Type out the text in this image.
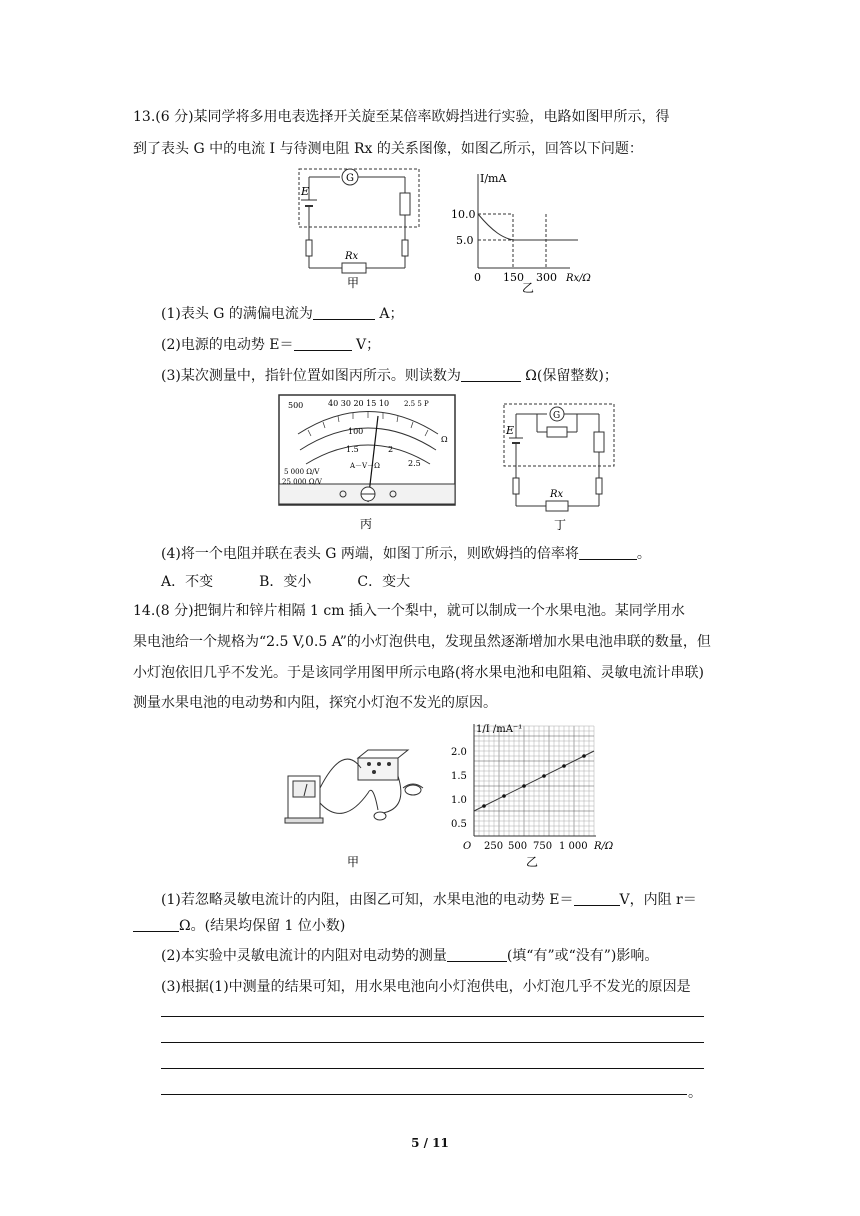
13.(6 分)某同学将多用电表选择开关旋至某倍率欧姆挡进行实验，电路如图甲所示，得
到了表头 G 中的电流 I 与待测电阻 Rx 的关系图像，如图乙所示，回答以下问题：
E
G
Rx
甲
I/mA
10.0
5.0
0 150 300 Rx/Ω
乙
(1)表头 G 的满偏电流为	A；
(2)电源的电动势 E＝	V；
(3)某次测量中，指针位置如图丙所示。则读数为	Ω(保留整数)；
500	40 30 20 15 10 2.5 5 P
Ω
100
1.5	2
2.5
A－V－Ω
5 000 Ω/V
25 000 Ω/V
丙
E
G
Rx
丁
(4)将一个电阻并联在表头 G 两端，如图丁所示，则欧姆挡的倍率将	。
A．不变	B．变小	C．变大
14.(8 分)把铜片和锌片相隔 1 cm 插入一个梨中，就可以制成一个水果电池。某同学用水
果电池给一个规格为“2.5 V,0.5 A”的小灯泡供电，发现虽然逐渐增加水果电池串联的数量，但
小灯泡依旧几乎不发光。于是该同学用图甲所示电路(将水果电池和电阻箱、灵敏电流计串联)
测量水果电池的电动势和内阻，探究小灯泡不发光的原因。
甲
1/I /mA⁻¹
2.0
1.5
1.0
0.5
O 250 500 750 1 000 R/Ω
乙
(1)若忽略灵敏电流计的内阻，由图乙可知，水果电池的电动势 E＝	V，内阻 r＝
Ω。(结果均保留 1 位小数)
(2)本实验中灵敏电流计的内阻对电动势的测量	(填“有”或“没有”)影响。
(3)根据(1)中测量的结果可知，用水果电池向小灯泡供电，小灯泡几乎不发光的原因是
。
5 / 11
